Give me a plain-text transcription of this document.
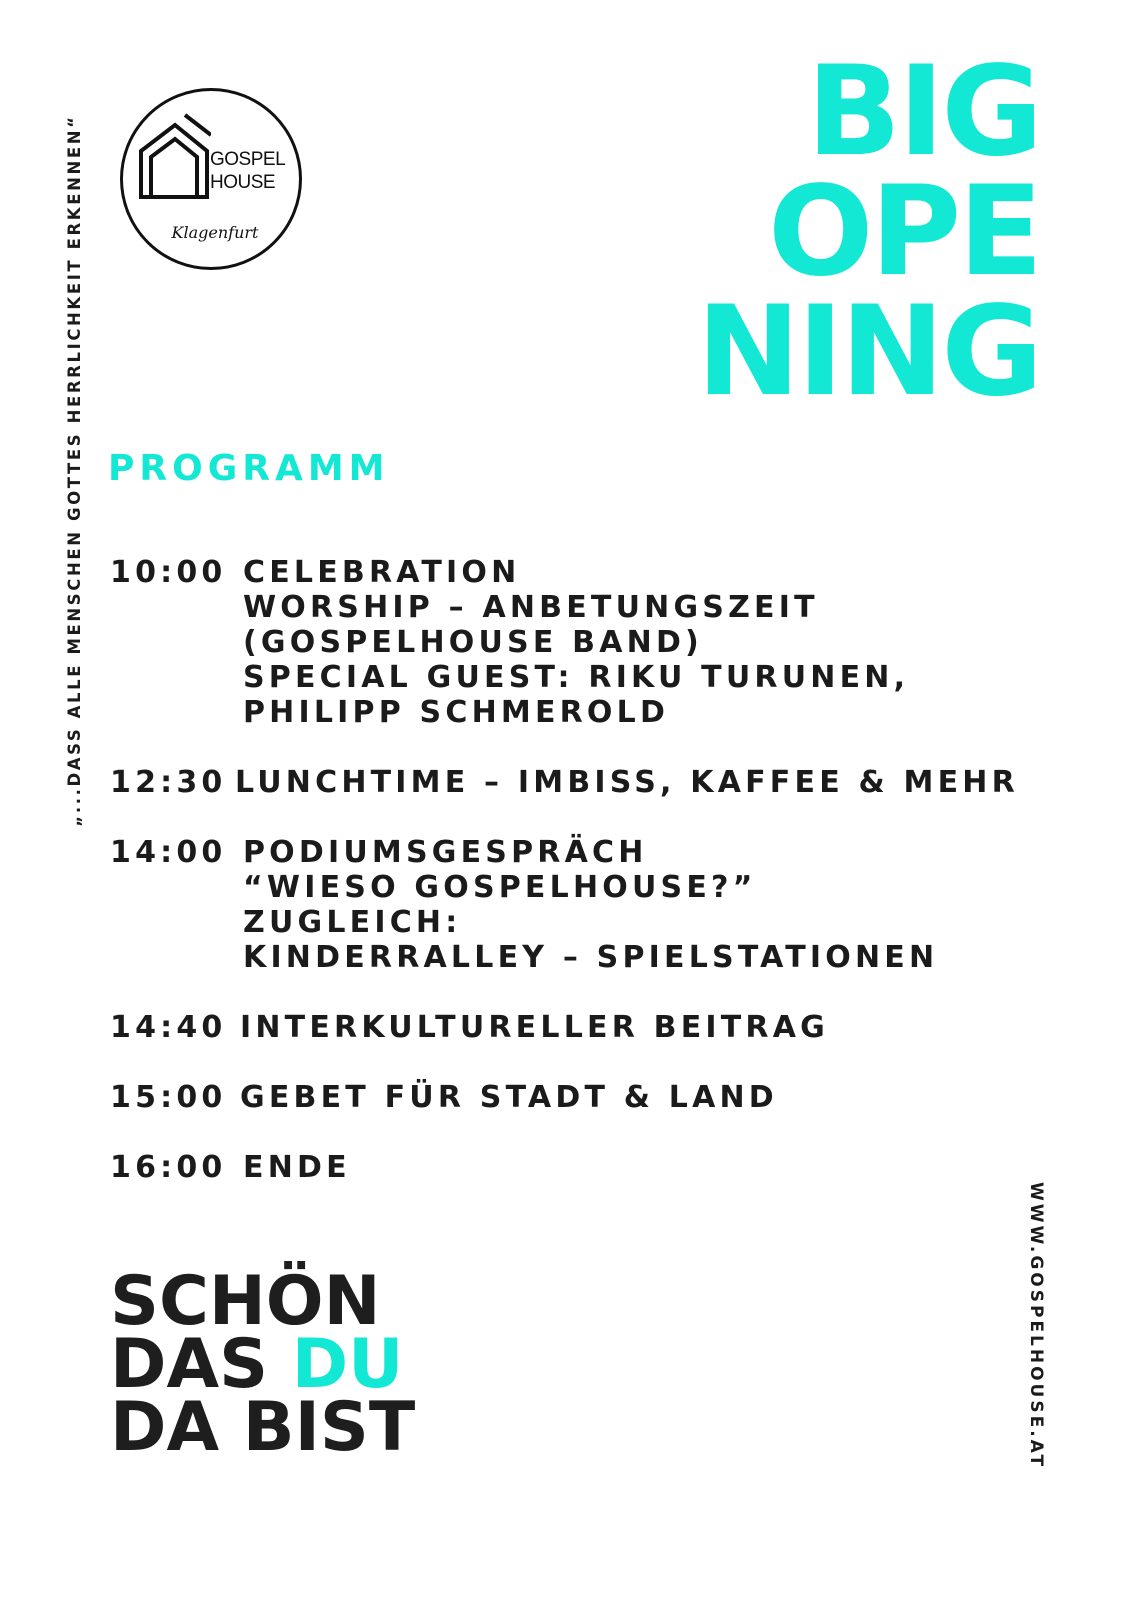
GOSPEL
HOUSE
Klagenfurt
BIG
OPE
NING
„...DASS ALLE MENSCHEN GOTTES HERRLICHKEIT ERKENNEN“ PROGRAMM
10:00 CELEBRATION
WORSHIP – ANBETUNGSZEIT
(GOSPELHOUSE BAND)
SPECIAL GUEST: RIKU TURUNEN,
PHILIPP SCHMEROLD
12:30 LUNCHTIME – IMBISS, KAFFEE & MEHR
14:00 PODIUMSGESPRÄCH
“WIESO GOSPELHOUSE?”
ZUGLEICH:
KINDERRALLEY – SPIELSTATIONEN
14:40 INTERKULTURELLER BEITRAG
15:00 GEBET FÜR STADT & LAND
16:00 ENDE
SCHÖN
DAS DU
DA BIST	WWW.GOSPELHOUSE.AT
